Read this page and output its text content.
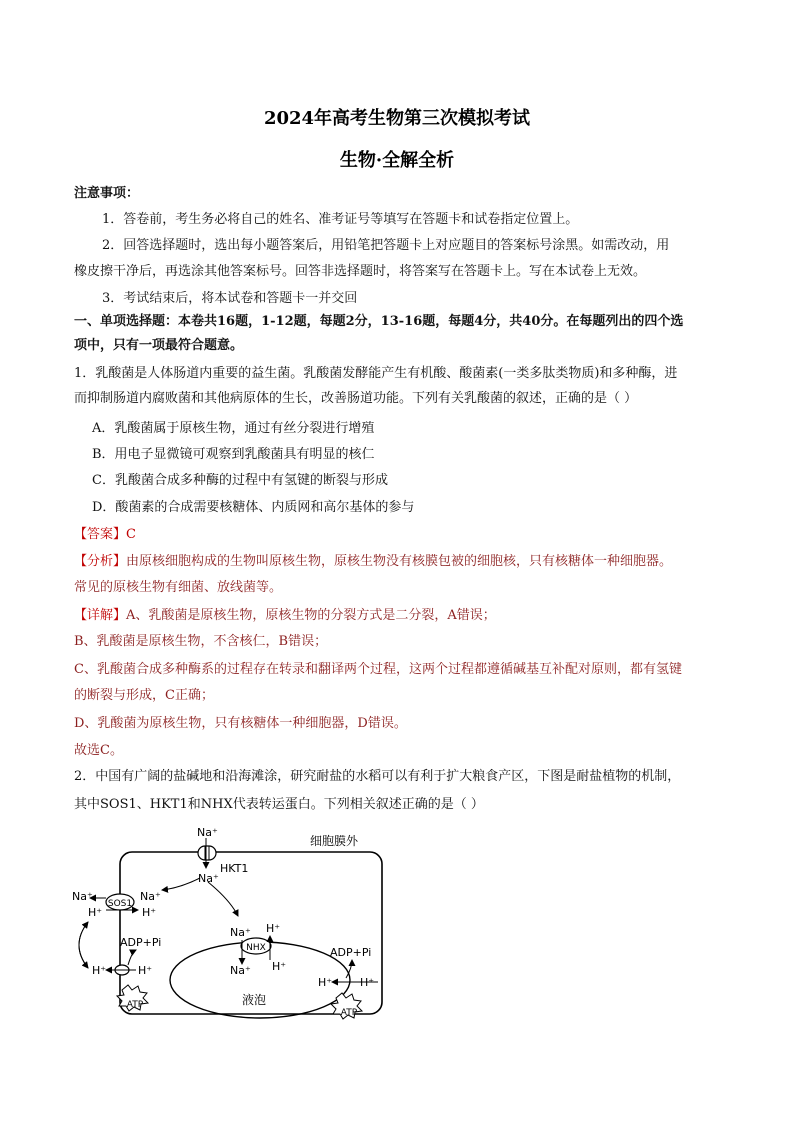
2024年高考生物第三次模拟考试
生物·全解全析
注意事项：
1．答卷前，考生务必将自己的姓名、准考证号等填写在答题卡和试卷指定位置上。
2．回答选择题时，选出每小题答案后，用铅笔把答题卡上对应题目的答案标号涂黑。如需改动，用
橡皮擦干净后，再选涂其他答案标号。回答非选择题时，将答案写在答题卡上。写在本试卷上无效。
3．考试结束后，将本试卷和答题卡一并交回
一、单项选择题：本卷共16题，1-12题，每题2分，13-16题，每题4分，共40分。在每题列出的四个选
项中，只有一项最符合题意。
1．乳酸菌是人体肠道内重要的益生菌。乳酸菌发酵能产生有机酸、酸菌素(一类多肽类物质)和多种酶，进
而抑制肠道内腐败菌和其他病原体的生长，改善肠道功能。下列有关乳酸菌的叙述，正确的是（ ）
A．乳酸菌属于原核生物，通过有丝分裂进行增殖
B．用电子显微镜可观察到乳酸菌具有明显的核仁
C．乳酸菌合成多种酶的过程中有氢键的断裂与形成
D．酸菌素的合成需要核糖体、内质网和高尔基体的参与
【答案】C
【分析】由原核细胞构成的生物叫原核生物，原核生物没有核膜包被的细胞核，只有核糖体一种细胞器。
常见的原核生物有细菌、放线菌等。
【详解】A、乳酸菌是原核生物，原核生物的分裂方式是二分裂，A错误；
B、乳酸菌是原核生物，不含核仁，B错误；
C、乳酸菌合成多种酶系的过程存在转录和翻译两个过程，这两个过程都遵循碱基互补配对原则，都有氢键
的断裂与形成，C正确；
D、乳酸菌为原核生物，只有核糖体一种细胞器，D错误。
故选C。
2．中国有广阔的盐碱地和沿海滩涂，研究耐盐的水稻可以有利于扩大粮食产区，下图是耐盐植物的机制，
其中SOS1、HKT1和NHX代表转运蛋白。下列相关叙述正确的是（ ）
细胞膜外
Na⁺
HKT1
Na⁺
Na⁺
SOS1
Na⁺
H⁺	H⁺
ADP+Pi
H⁺	H⁺
ATP	液泡
Na⁺
NHX
Na⁺
H⁺
H⁺
ADP+Pi
H⁺	H⁺
ATP
